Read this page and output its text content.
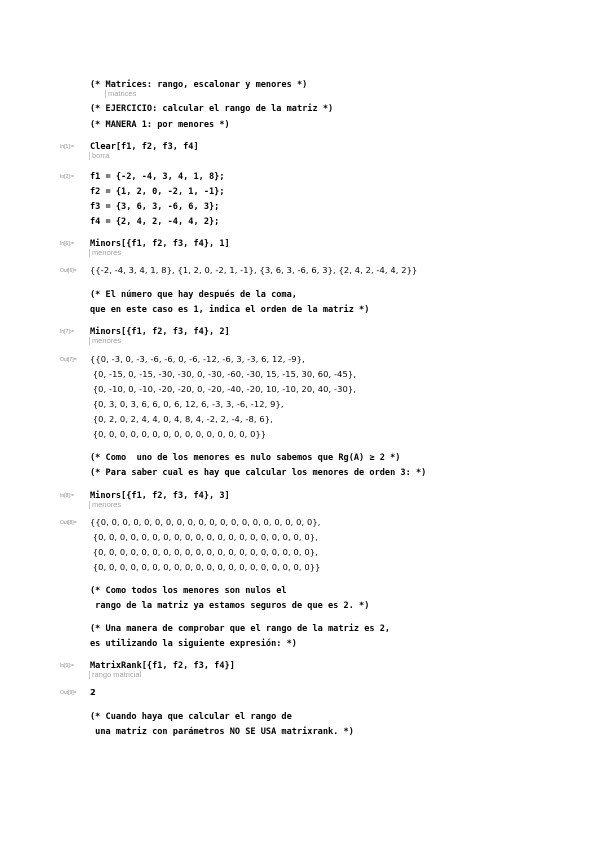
(* Matrices: rango, escalonar y menores *)
matrices
(* EJERCICIO: calcular el rango de la matriz *)
(* MANERA 1: por menores *)
In[1]:= Clear[f1, f2, f3, f4]
borra
In[2]:= f1 = {-2, -4, 3, 4, 1, 8};
f2 = {1, 2, 0, -2, 1, -1};
f3 = {3, 6, 3, -6, 6, 3};
f4 = {2, 4, 2, -4, 4, 2};
In[6]:= Minors[{f1, f2, f3, f4}, 1]
menores
Out[6]= {{-2, -4, 3, 4, 1, 8}, {1, 2, 0, -2, 1, -1}, {3, 6, 3, -6, 6, 3}, {2, 4, 2, -4, 4, 2}}
(* El número que hay después de la coma,
que en este caso es 1, indica el orden de la matriz *)
In[7]:= Minors[{f1, f2, f3, f4}, 2]
menores
Out[7]= {{0, -3, 0, -3, -6, -6, 0, -6, -12, -6, 3, -3, 6, 12, -9},
{0, -15, 0, -15, -30, -30, 0, -30, -60, -30, 15, -15, 30, 60, -45},
{0, -10, 0, -10, -20, -20, 0, -20, -40, -20, 10, -10, 20, 40, -30},
{0, 3, 0, 3, 6, 6, 0, 6, 12, 6, -3, 3, -6, -12, 9},
{0, 2, 0, 2, 4, 4, 0, 4, 8, 4, -2, 2, -4, -8, 6},
{0, 0, 0, 0, 0, 0, 0, 0, 0, 0, 0, 0, 0, 0, 0}}
(* Como  uno de los menores es nulo sabemos que Rg(A) ≥ 2 *)
(* Para saber cual es hay que calcular los menores de orden 3: *)
In[8]:= Minors[{f1, f2, f3, f4}, 3]
menores
Out[8]= {{0, 0, 0, 0, 0, 0, 0, 0, 0, 0, 0, 0, 0, 0, 0, 0, 0, 0, 0, 0},
{0, 0, 0, 0, 0, 0, 0, 0, 0, 0, 0, 0, 0, 0, 0, 0, 0, 0, 0, 0},
{0, 0, 0, 0, 0, 0, 0, 0, 0, 0, 0, 0, 0, 0, 0, 0, 0, 0, 0, 0},
{0, 0, 0, 0, 0, 0, 0, 0, 0, 0, 0, 0, 0, 0, 0, 0, 0, 0, 0, 0}}
(* Como todos los menores son nulos el
rango de la matriz ya estamos seguros de que es 2. *)
(* Una manera de comprobar que el rango de la matriz es 2,
es utilizando la siguiente expresión: *)
In[9]:= MatrixRank[{f1, f2, f3, f4}]
rango matricial
Out[9]= 2
(* Cuando haya que calcular el rango de
una matriz con parámetros NO SE USA matrixrank. *)
